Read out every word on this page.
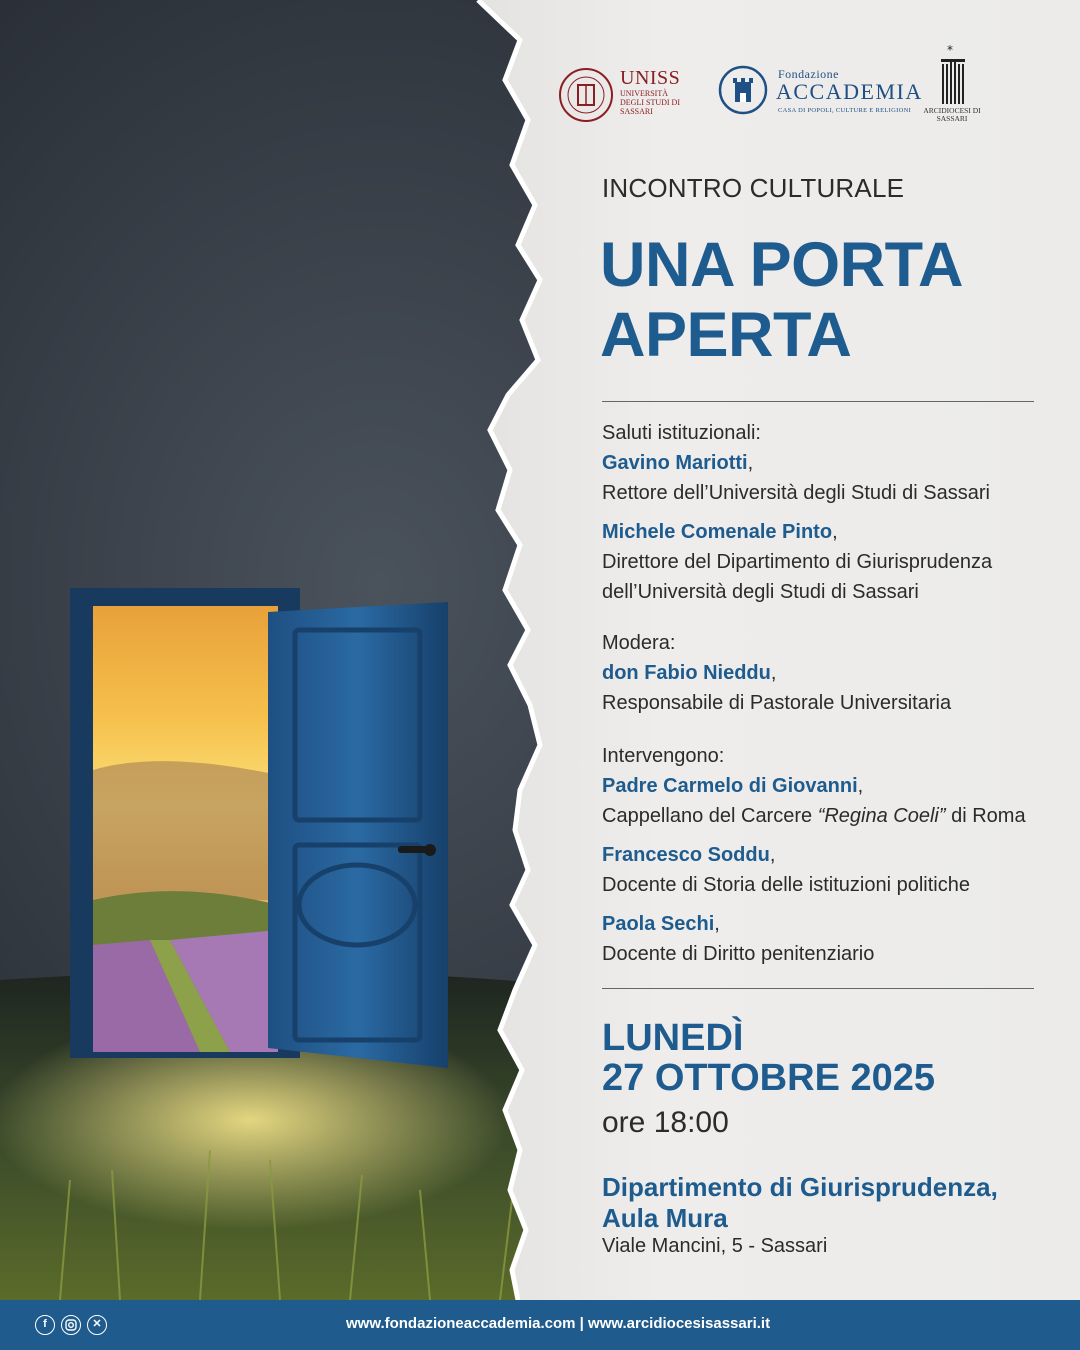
UNISS
UNIVERSITÀ DEGLI STUDI DI SASSARI
Fondazione
ACCADEMIA
CASA DI POPOLI, CULTURE E RELIGIONI
*
ARCIDIOCESI DI SASSARI
INCONTRO CULTURALE
UNA PORTA
APERTA
Saluti istituzionali:
Gavino Mariotti,
Rettore dell’Università degli Studi di Sassari
Michele Comenale Pinto,
Direttore del Dipartimento di Giurisprudenza
dell’Università degli Studi di Sassari
Modera:
don Fabio Nieddu,
Responsabile di Pastorale Universitaria
Intervengono:
Padre Carmelo di Giovanni,
Cappellano del Carcere “Regina Coeli” di Roma
Francesco Soddu,
Docente di Storia delle istituzioni politiche
Paola Sechi,
Docente di Diritto penitenziario
LUNEDÌ
27 OTTOBRE 2025
ore 18:00
Dipartimento di Giurisprudenza,
Aula Mura
Viale Mancini, 5 - Sassari
f	✕	www.fondazioneaccademia.com | www.arcidiocesisassari.it
